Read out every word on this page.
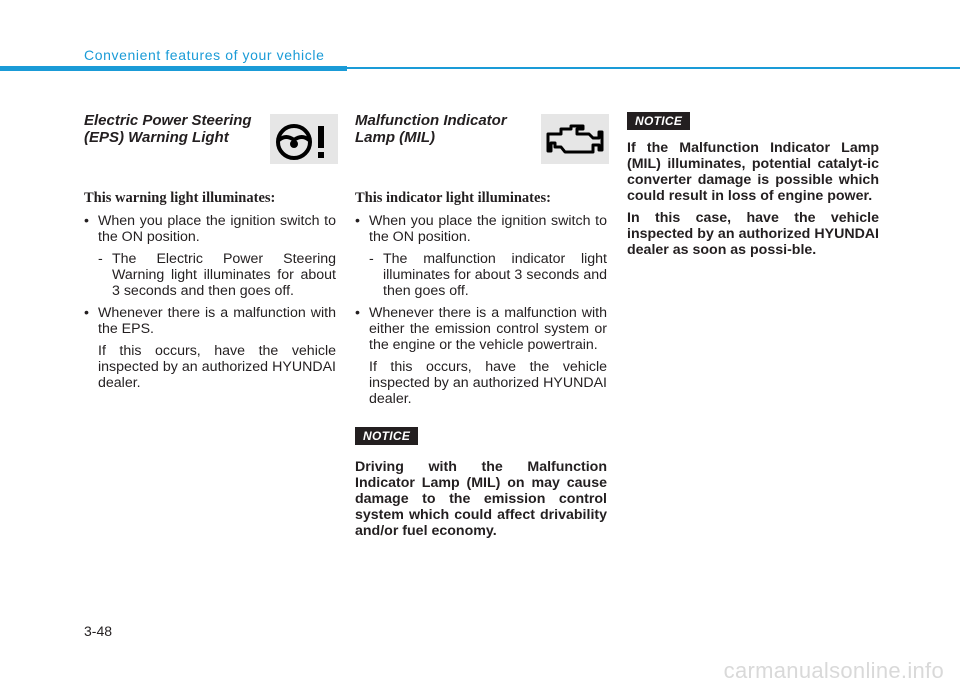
Convenient features of your vehicle
Electric Power Steering
(EPS) Warning Light

This warning light illuminates:

• When you place the ignition switch to the ON position.
- The Electric Power Steering Warning light illuminates for about 3 seconds and then goes off.
• Whenever there is a malfunction with the EPS.

If this occurs, have the vehicle inspected by an authorized HYUNDAI dealer.

Malfunction Indicator
Lamp (MIL)

This indicator light illuminates:

• When you place the ignition switch to the ON position.
- The malfunction indicator light illuminates for about 3 seconds and then goes off.
• Whenever there is a malfunction with either the emission control system or the engine or the vehicle powertrain.

If this occurs, have the vehicle inspected by an authorized HYUNDAI dealer.

NOTICE

Driving with the Malfunction Indicator Lamp (MIL) on may cause damage to the emission control system which could affect drivability and/or fuel economy.

NOTICE

If the Malfunction Indicator Lamp (MIL) illuminates, potential catalyt-ic converter damage is possible which could result in loss of engine power.

In this case, have the vehicle inspected by an authorized HYUNDAI dealer as soon as possi-ble.

3-48
carmanualsonline.info
